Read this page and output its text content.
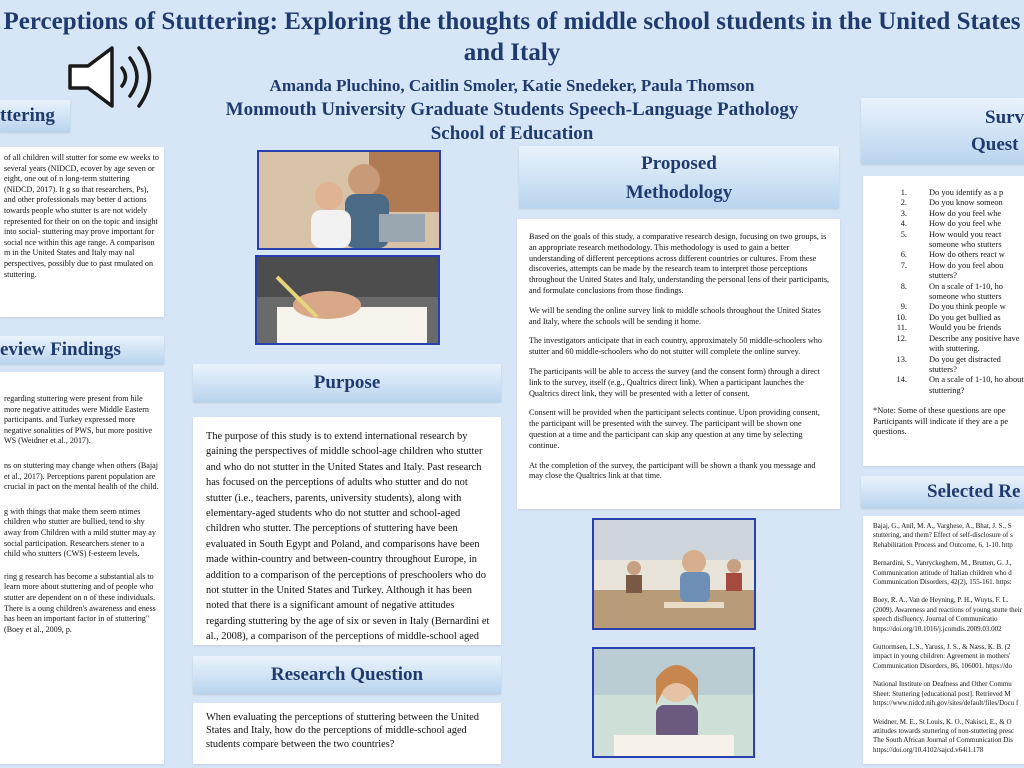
Perceptions of Stuttering: Exploring the thoughts of middle school students in the United States and Italy
Amanda Pluchino, Caitlin Smoler, Katie Snedeker, Paula Thomson
Monmouth University Graduate Students Speech-Language Pathology
School of Education
ttering
of all children will stutter for some ew weeks to several years (NIDCD, ecover by age seven or eight, one out of n long-term stuttering (NIDCD, 2017). It g so that researchers, Ps), and other professionals may better d actions towards people who stutter ts are not widely represented for their on on the topic and insight into social- stuttering may prove important for social nce within this age range. A comparison m in the United States and Italy may nal perspectives, possibly due to past rmulated on stuttering.
eview Findings

regarding stuttering were present from hile more negative attitudes were Middle Eastern participants. and Turkey expressed more negative sonalities of PWS, but more positive WS (Weidner et al., 2017).

ns on stuttering may change when others (Bajaj et al., 2017). Perceptions parent population are crucial in pact on the mental health of the child.

g with things that make them seem ntimes children who stutter are bullied, tend to shy away from Children with a mild stutter may ay social participation. Researchers stener to a child who stutters (CWS) f-esteem levels.

ring g research has become a substantial als to learn more about stuttering and of people who stutter are dependent on n of these individuals. There is a oung children's awareness and eness has been an important factor in of stuttering" (Boey et al., 2009, p.

Purpose
The purpose of this study is to extend international research by gaining the perspectives of middle school-age children who stutter and who do not stutter in the United States and Italy. Past research has focused on the perceptions of adults who stutter and do not stutter (i.e., teachers, parents, university students), along with elementary-aged students who do not stutter and school-aged children who stutter. The perceptions of stuttering have been evaluated in South Egypt and Poland, and comparisons have been made within-country and between-country throughout Europe, in addition to a comparison of the perceptions of preschoolers who do not stutter in the United States and Turkey. Although it has been noted that there is a significant amount of negative attitudes regarding stuttering by the age of six or seven in Italy (Bernardini et al., 2008), a comparison of the perceptions of middle-school aged
Research Question
When evaluating the perceptions of stuttering between the United States and Italy, how do the perceptions of middle-school aged students compare between the two countries?
Proposed
Methodology

Based on the goals of this study, a comparative research design, focusing on two groups, is an appropriate research methodology. This methodology is used to gain a better understanding of different perceptions across different countries or cultures. From these discoveries, attempts can be made by the research team to interpret those perceptions throughout the United States and Italy, understanding the personal lens of their participants, and formulate conclusions from those findings.

We will be sending the online survey link to middle schools throughout the United States and Italy, where the schools will be sending it home.

The investigators anticipate that in each country, approximately 50 middle-schoolers who stutter and 60 middle-schoolers who do not stutter will complete the online survey.

The participants will be able to access the survey (and the consent form) through a direct link to the survey, itself (e.g., Qualtrics direct link). When a participant launches the Qualtrics direct link, they will be presented with a letter of consent.

Consent will be provided when the participant selects continue. Upon providing consent, the participant will be presented with the survey. The participant will be shown one question at a time and the participant can skip any question at any time by selecting continue.

At the completion of the survey, the participant will be shown a thank you message and may close the Qualtrics link at that time.

Surv
Quest
1.	Do you identify as a p
2.	Do you know someon
3.	How do you feel whe
4.	How do you feel whe
5.	How would you react someone who stutters
6.	How do others react w
7.	How do you feel abou stutters?
8.	On a scale of 1-10, ho someone who stutters
9.	Do you think people w
10.	Do you get bullied as
11.	Would you be friends
12.	Describe any positive have with stuttering.
13.	Do you get distracted stutters?
14.	On a scale of 1-10, ho about stuttering?
*Note: Some of these questions are ope Participants will indicate if they are a pe questions.
Selected Re

Bajaj, G., Anil, M. A., Varghese, A., Bhat, J. S., S stuttering, and them? Effect of self-disclosure of s Rehabilitation Process and Outcome, 6, 1-10. http

Bernardini, S., Vanryckeghem, M., Brutten, G. J., Communication attitude of Italian children who d Communication Disorders, 42(2), 155-161. https:

Boey, R. A., Van de Heyning, P. H., Wuyts, F. L. (2009). Awareness and reactions of young stutte their speech disfluency. Journal of Communicatio https://doi.org/10.1016/j.jcomdis.2009.03.002

Guttormsen, L.S., Yaruss, J. S., & Næss, K. B. (2 impact in young children: Agreement in mothers' Communication Disorders, 86, 106001. https://do

National Institute on Deafness and Other Commu Sheet: Stuttering [educational post]. Retrieved M https://www.nidcd.nih.gov/sites/default/files/Docu f

Weidner, M. E., St Louis, K. O., Nakisci, E., & O attitudes towards stuttering of non-stuttering presc The South African Journal of Communication Dis https://doi.org/10.4102/sajcd.v64i1.178
